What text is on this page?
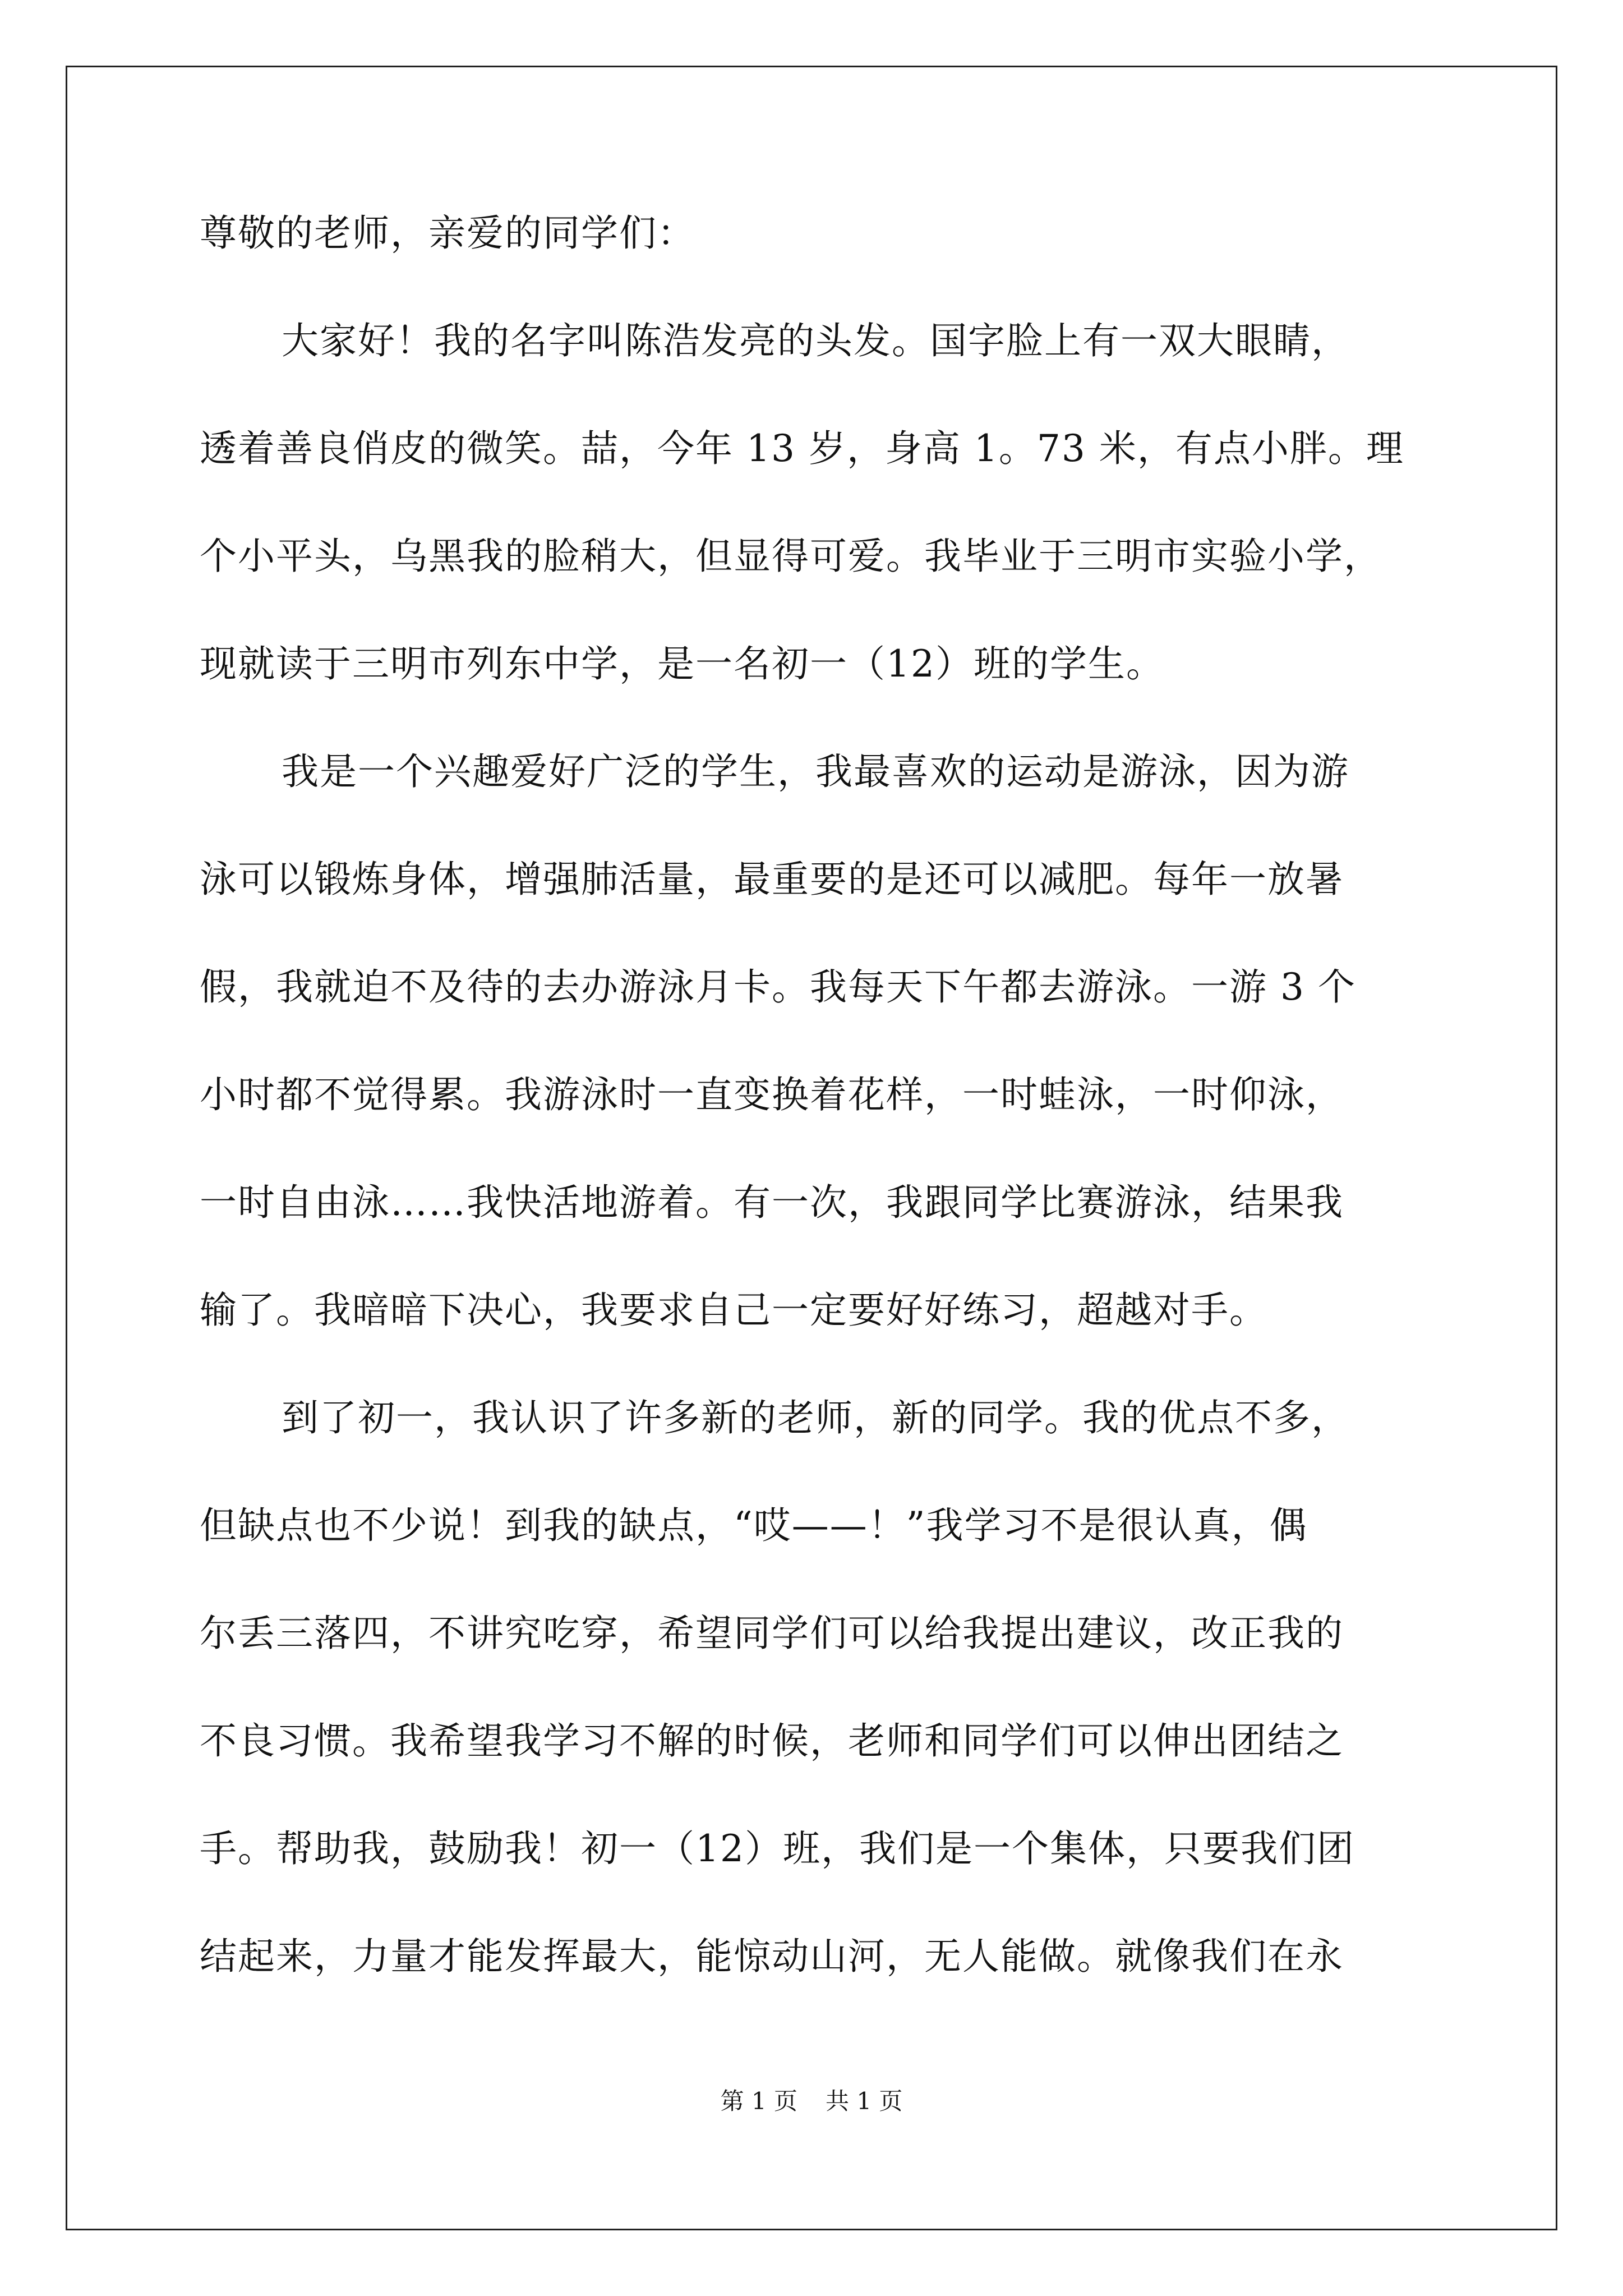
尊敬的老师，亲爱的同学们：
大家好！我的名字叫陈浩发亮的头发。国字脸上有一双大眼睛，
透着善良俏皮的微笑。喆，今年 13 岁，身高 1。73 米，有点小胖。理
个小平头，乌黑我的脸稍大，但显得可爱。我毕业于三明市实验小学，
现就读于三明市列东中学，是一名初一（12）班的学生。
我是一个兴趣爱好广泛的学生，我最喜欢的运动是游泳，因为游
泳可以锻炼身体，增强肺活量，最重要的是还可以减肥。每年一放暑
假，我就迫不及待的去办游泳月卡。我每天下午都去游泳。一游 3 个
小时都不觉得累。我游泳时一直变换着花样，一时蛙泳，一时仰泳，
一时自由泳……我快活地游着。有一次，我跟同学比赛游泳，结果我
输了。我暗暗下决心，我要求自己一定要好好练习，超越对手。
到了初一，我认识了许多新的老师，新的同学。我的优点不多，
但缺点也不少说！到我的缺点，“哎——！”我学习不是很认真，偶
尔丢三落四，不讲究吃穿，希望同学们可以给我提出建议，改正我的
不良习惯。我希望我学习不解的时候，老师和同学们可以伸出团结之
手。帮助我，鼓励我！初一（12）班，我们是一个集体，只要我们团
结起来，力量才能发挥最大，能惊动山河，无人能做。就像我们在永
第 1 页 共 1 页
